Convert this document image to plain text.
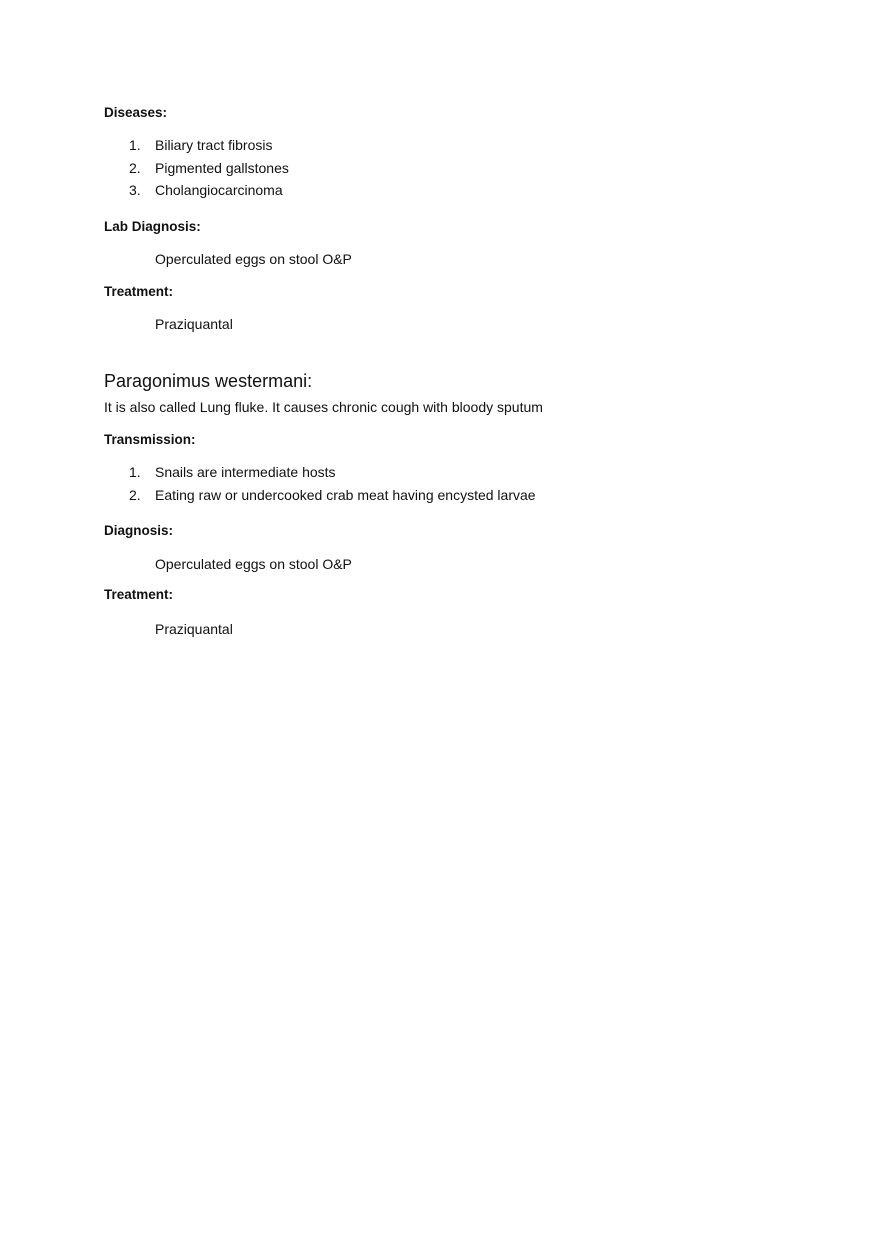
Diseases:
1. Biliary tract fibrosis
2. Pigmented gallstones
3. Cholangiocarcinoma
Lab Diagnosis:
Operculated eggs on stool O&P
Treatment:
Praziquantal
Paragonimus westermani:
It is also called Lung fluke. It causes chronic cough with bloody sputum
Transmission:
1. Snails are intermediate hosts
2. Eating raw or undercooked crab meat having encysted larvae
Diagnosis:
Operculated eggs on stool O&P
Treatment:
Praziquantal
